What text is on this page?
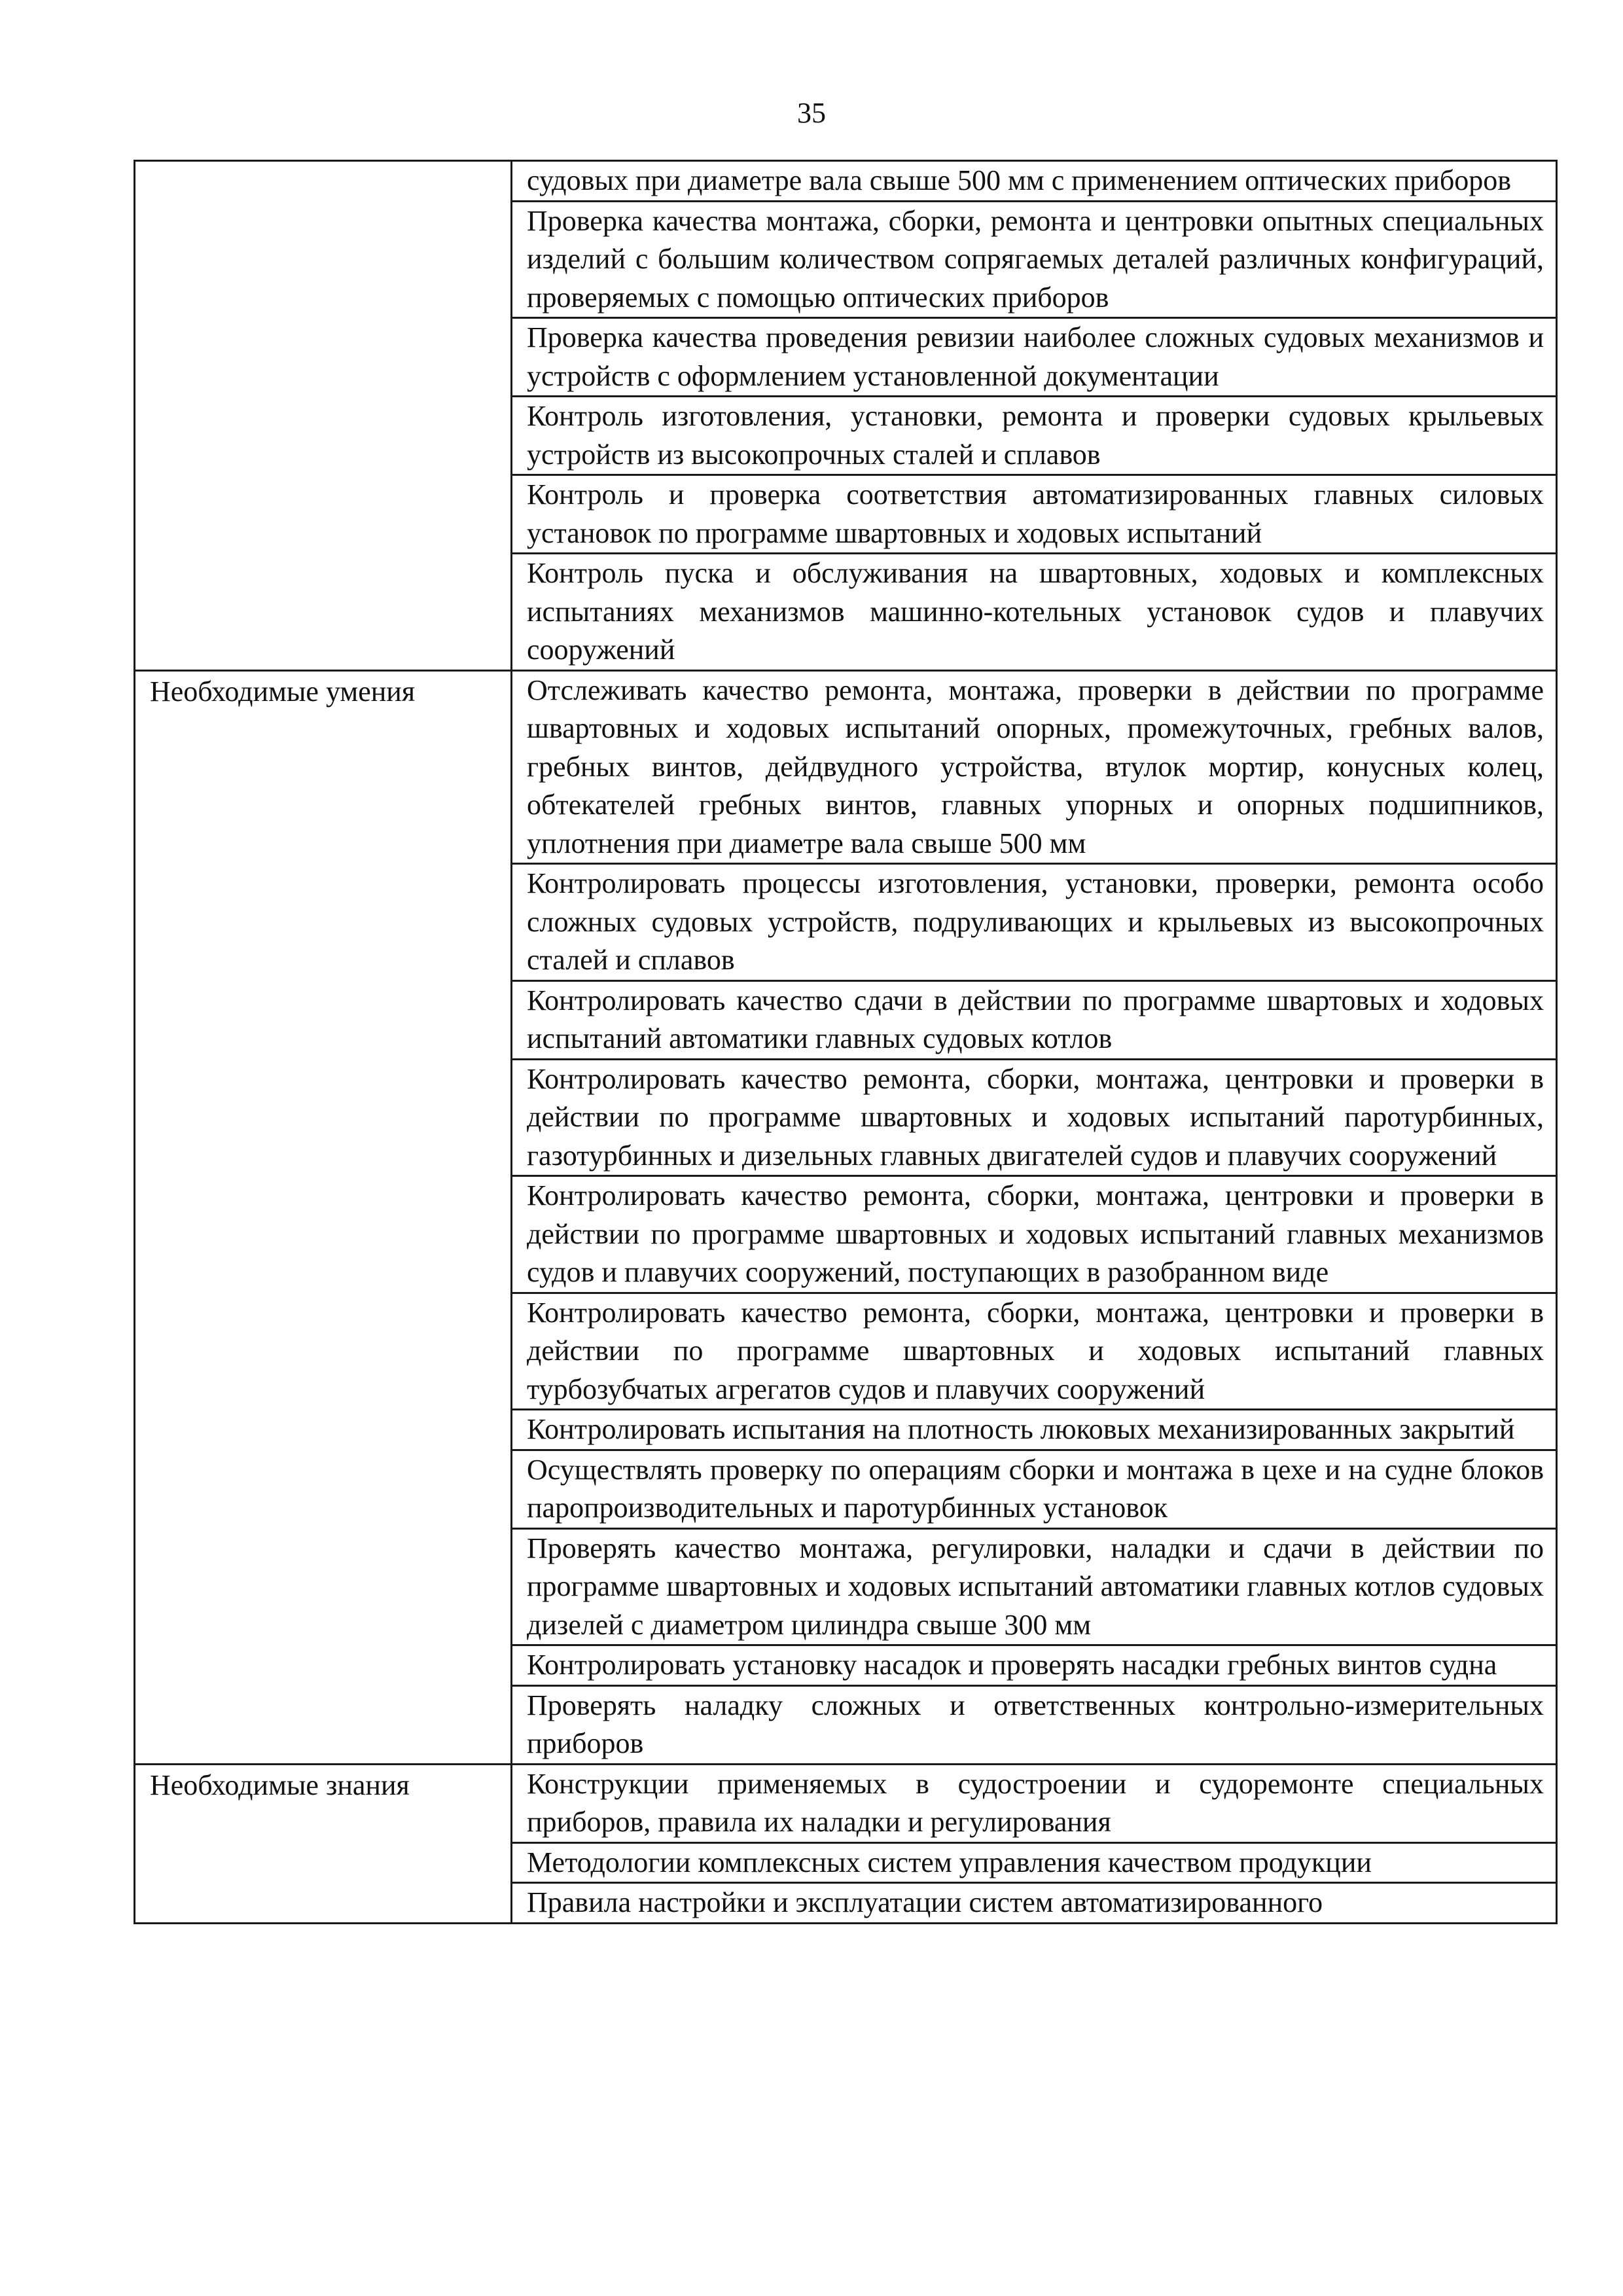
35

	судовых при диаметре вала свыше 500 мм с применением оптических приборов

	Проверка качества монтажа, сборки, ремонта и центровки опытных специальных изделий с большим количеством сопрягаемых деталей различных конфигураций, проверяемых с помощью оптических приборов

	Проверка качества проведения ревизии наиболее сложных судовых механизмов и устройств с оформлением установленной документации

	Контроль изготовления, установки, ремонта и проверки судовых крыльевых устройств из высокопрочных сталей и сплавов

	Контроль и проверка соответствия автоматизированных главных силовых установок по программе швартовных и ходовых испытаний

	Контроль пуска и обслуживания на швартовных, ходовых и комплексных испытаниях механизмов машинно-котельных установок судов и плавучих сооружений

Необходимые умения	Отслеживать качество ремонта, монтажа, проверки в действии по программе швартовных и ходовых испытаний опорных, промежуточных, гребных валов, гребных винтов, дейдвудного устройства, втулок мортир, конусных колец, обтекателей гребных винтов, главных упорных и опорных подшипников, уплотнения при диаметре вала свыше 500 мм

	Контролировать процессы изготовления, установки, проверки, ремонта особо сложных судовых устройств, подруливающих и крыльевых из высокопрочных сталей и сплавов

	Контролировать качество сдачи в действии по программе швартовых и ходовых испытаний автоматики главных судовых котлов

	Контролировать качество ремонта, сборки, монтажа, центровки и проверки в действии по программе швартовных и ходовых испытаний паротурбинных, газотурбинных и дизельных главных двигателей судов и плавучих сооружений

	Контролировать качество ремонта, сборки, монтажа, центровки и проверки в действии по программе швартовных и ходовых испытаний главных механизмов судов и плавучих сооружений, поступающих в разобранном виде

	Контролировать качество ремонта, сборки, монтажа, центровки и проверки в действии по программе швартовных и ходовых испытаний главных турбозубчатых агрегатов судов и плавучих сооружений

	Контролировать испытания на плотность люковых механизированных закрытий

	Осуществлять проверку по операциям сборки и монтажа в цехе и на судне блоков паропроизводительных и паротурбинных установок

	Проверять качество монтажа, регулировки, наладки и сдачи в действии по программе швартовных и ходовых испытаний автоматики главных котлов судовых дизелей с диаметром цилиндра свыше 300 мм

	Контролировать установку насадок и проверять насадки гребных винтов судна

	Проверять наладку сложных и ответственных контрольно-измерительных приборов

Необходимые знания	Конструкции применяемых в судостроении и судоремонте специальных приборов, правила их наладки и регулирования

	Методологии комплексных систем управления качеством продукции

	Правила настройки и эксплуатации систем автоматизированного
